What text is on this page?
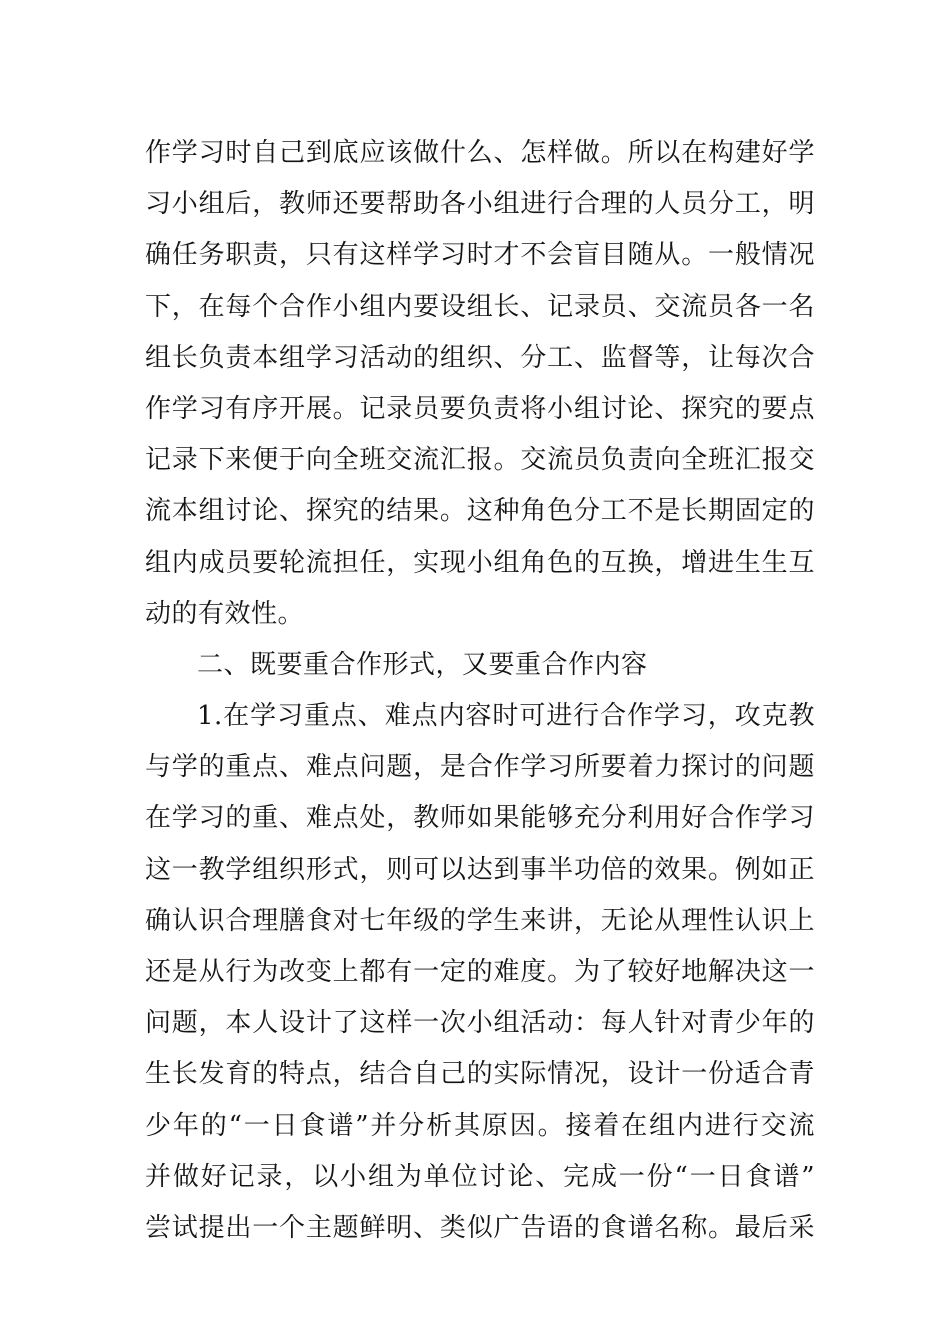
作学习时自己到底应该做什么、怎样做。所以在构建好学
习小组后，教师还要帮助各小组进行合理的人员分工，明
确任务职责，只有这样学习时才不会盲目随从。一般情况
下，在每个合作小组内要设组长、记录员、交流员各一名
组长负责本组学习活动的组织、分工、监督等，让每次合
作学习有序开展。记录员要负责将小组讨论、探究的要点
记录下来便于向全班交流汇报。交流员负责向全班汇报交
流本组讨论、探究的结果。这种角色分工不是长期固定的
组内成员要轮流担任，实现小组角色的互换，增进生生互
动的有效性。
二、既要重合作形式，又要重合作内容
1.在学习重点、难点内容时可进行合作学习，攻克教
与学的重点、难点问题，是合作学习所要着力探讨的问题
在学习的重、难点处，教师如果能够充分利用好合作学习
这一教学组织形式，则可以达到事半功倍的效果。例如正
确认识合理膳食对七年级的学生来讲，无论从理性认识上
还是从行为改变上都有一定的难度。为了较好地解决这一
问题，本人设计了这样一次小组活动：每人针对青少年的
生长发育的特点，结合自己的实际情况，设计一份适合青
少年的“一日食谱”并分析其原因。接着在组内进行交流
并做好记录，以小组为单位讨论、完成一份“一日食谱”
尝试提出一个主题鲜明、类似广告语的食谱名称。最后采
